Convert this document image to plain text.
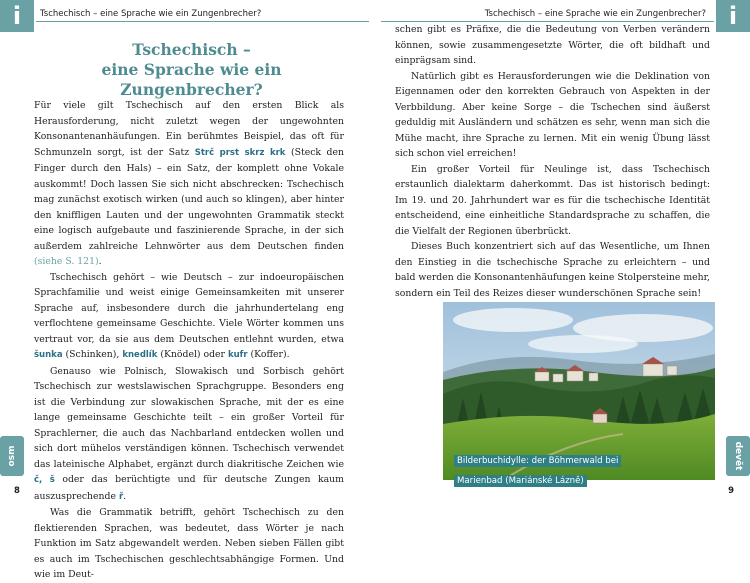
i	Tschechisch – eine Sprache wie ein Zungenbrecher?
Tschechisch –
eine Sprache wie ein Zungenbrecher?

Für viele gilt Tschechisch auf den ersten Blick als Herausforderung, nicht zuletzt wegen der ungewohnten Konsonantenanhäufungen. Ein berühmtes Beispiel, das oft für Schmunzeln sorgt, ist der Satz Strč prst skrz krk (Steck den Finger durch den Hals) – ein Satz, der komplett ohne Vokale auskommt! Doch lassen Sie sich nicht abschrecken: Tschechisch mag zunächst exotisch wirken (und auch so klingen), aber hinter den kniffligen Lauten und der ungewohnten Grammatik steckt eine logisch aufgebaute und faszinierende Sprache, in der sich außerdem zahlreiche Lehnwörter aus dem Deutschen finden (siehe S. 121).

Tschechisch gehört – wie Deutsch – zur indoeuropäischen Sprachfamilie und weist einige Gemeinsamkeiten mit unserer Sprache auf, insbesondere durch die jahrhundertelang eng verflochtene gemeinsame Geschichte. Viele Wörter kommen uns vertraut vor, da sie aus dem Deutschen entlehnt wurden, etwa šunka (Schinken), knedlík (Knödel) oder kufr (Koffer).

Genauso wie Polnisch, Slowakisch und Sorbisch gehört Tschechisch zur westslawischen Sprachgruppe. Besonders eng ist die Verbindung zur slowakischen Sprache, mit der es eine lange gemeinsame Geschichte teilt – ein großer Vorteil für Sprachlerner, die auch das Nachbarland entdecken wollen und sich dort mühelos verständigen können. Tschechisch verwendet das lateinische Alphabet, ergänzt durch diakritische Zeichen wie č, š oder das berüchtigte und für deutsche Zungen kaum auszusprechende ř.

Was die Grammatik betrifft, gehört Tschechisch zu den flektierenden Sprachen, was bedeutet, dass Wörter je nach Funktion im Satz abgewandelt werden. Neben sieben Fällen gibt es auch im Tschechischen geschlechtsabhängige Formen. Und wie im Deut-

osm
8
i
Tschechisch – eine Sprache wie ein Zungenbrecher?

schen gibt es Präfixe, die die Bedeutung von Verben verändern können, sowie zusammengesetzte Wörter, die oft bildhaft und einprägsam sind.

Natürlich gibt es Herausforderungen wie die Deklination von Eigennamen oder den korrekten Gebrauch von Aspekten in der Verbbildung. Aber keine Sorge – die Tschechen sind äußerst geduldig mit Ausländern und schätzen es sehr, wenn man sich die Mühe macht, ihre Sprache zu lernen. Mit ein wenig Übung lässt sich schon viel erreichen!

Ein großer Vorteil für Neulinge ist, dass Tschechisch erstaunlich dialektarm daherkommt. Das ist historisch bedingt: Im 19. und 20. Jahrhundert war es für die tschechische Identität entscheidend, eine einheitliche Standardsprache zu schaffen, die die Vielfalt der Regionen überbrückt.

Dieses Buch konzentriert sich auf das Wesentliche, um Ihnen den Einstieg in die tschechische Sprache zu erleichtern – und bald werden die Konsonantenhäufungen keine Stolpersteine mehr, sondern ein Teil des Reizes dieser wunderschönen Sprache sein!

devět
9
Bilderbuchidylle: der Böhmerwald bei Marienbad (Mariánské Lázně)
